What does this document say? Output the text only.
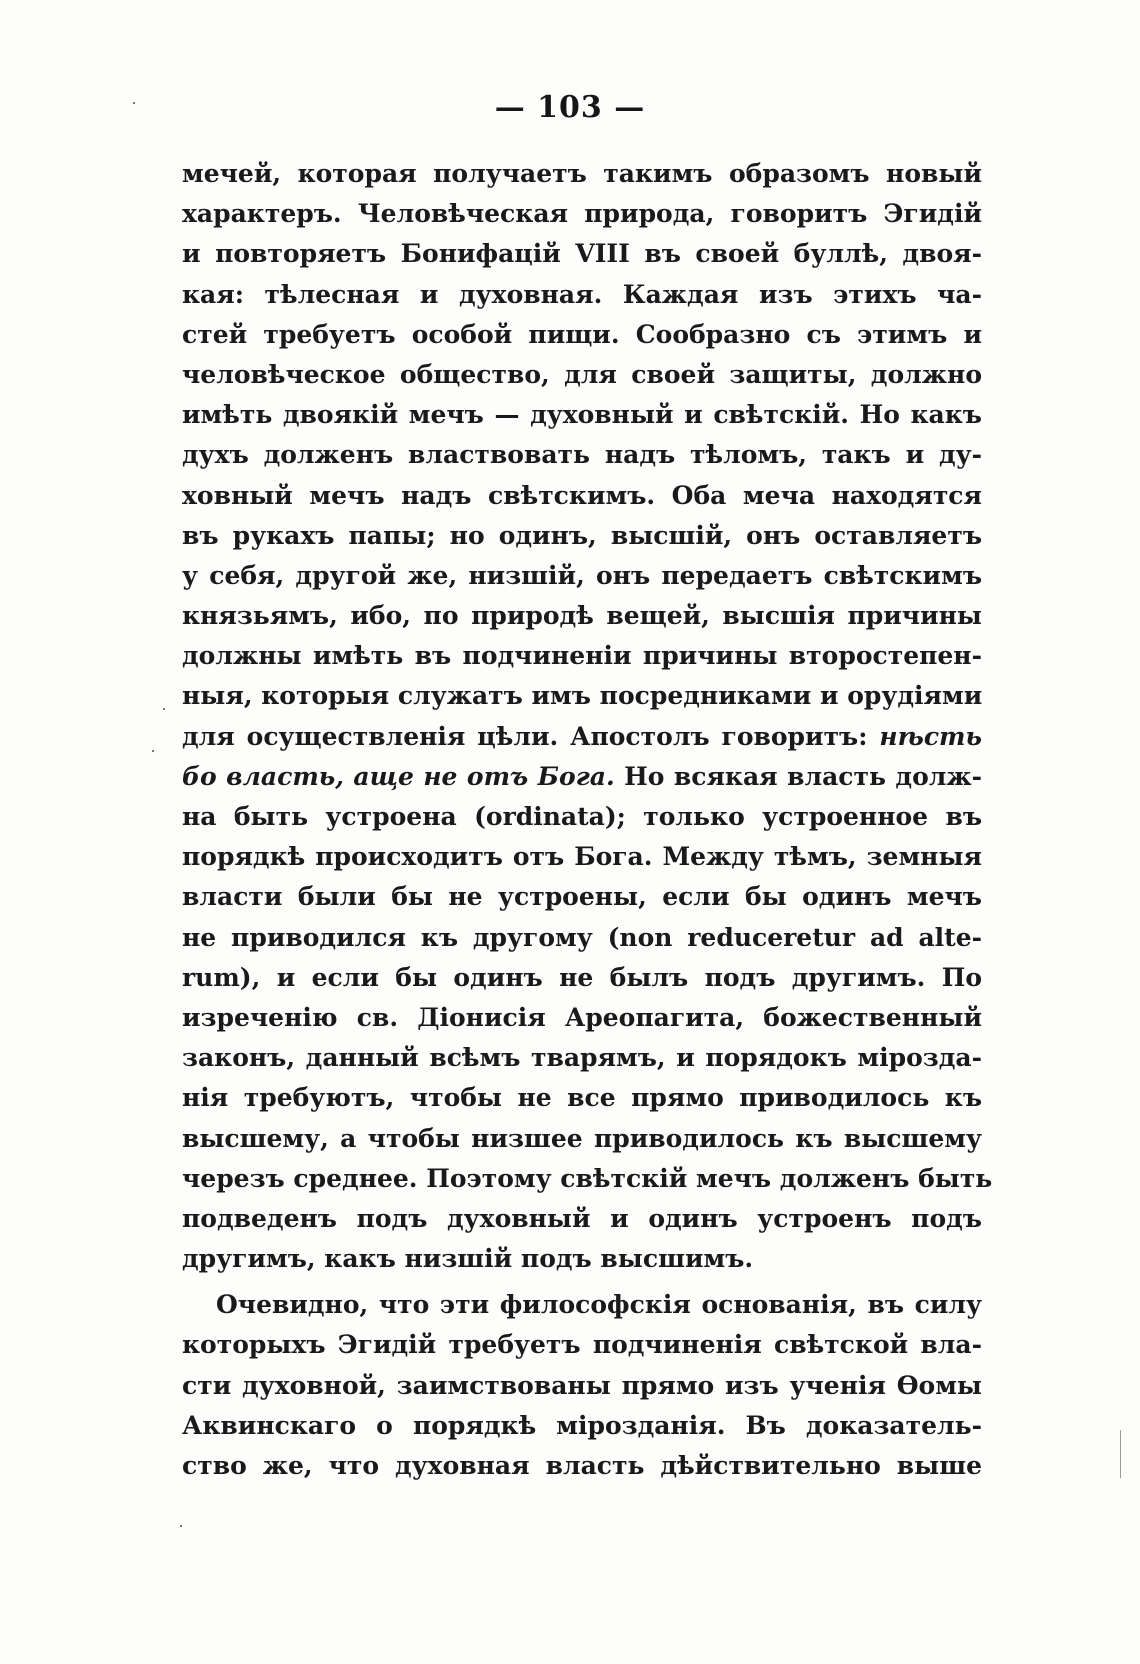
— 103 —
мечей, которая получаетъ такимъ образомъ новый
характеръ. Человѣческая природа, говоритъ Эгидій
и повторяетъ Бонифацій VIII въ своей буллѣ, двоя-
кая: тѣлесная и духовная. Каждая изъ этихъ ча-
стей требуетъ особой пищи. Сообразно съ этимъ и
человѣческое общество, для своей защиты, должно
имѣть двоякій мечъ — духовный и свѣтскій. Но какъ
духъ долженъ властвовать надъ тѣломъ, такъ и ду-
ховный мечъ надъ свѣтскимъ. Оба меча находятся
въ рукахъ папы; но одинъ, высшій, онъ оставляетъ
у себя, другой же, низшій, онъ передаетъ свѣтскимъ
князьямъ, ибо, по природѣ вещей, высшія причины
должны имѣть въ подчиненіи причины второстепен-
ныя, которыя служатъ имъ посредниками и орудіями
для осуществленія цѣли. Апостолъ говоритъ: нѣсть
бо власть, аще не отъ Бога. Но всякая власть долж-
на быть устроена (ordinata); только устроенное въ
порядкѣ происходитъ отъ Бога. Между тѣмъ, земныя
власти были бы не устроены, если бы одинъ мечъ
не приводился къ другому (non reduceretur ad alte-
rum), и если бы одинъ не былъ подъ другимъ. По
изреченію св. Діонисія Ареопагита, божественный
законъ, данный всѣмъ тварямъ, и порядокъ мірозда-
нія требуютъ, чтобы не все прямо приводилось къ
высшему, а чтобы низшее приводилось къ высшему
черезъ среднее. Поэтому свѣтскій мечъ долженъ быть
подведенъ подъ духовный и одинъ устроенъ подъ
другимъ, какъ низшій подъ высшимъ.
Очевидно, что эти философскія основанія, въ силу
которыхъ Эгидій требуетъ подчиненія свѣтской вла-
сти духовной, заимствованы прямо изъ ученія Ѳомы
Аквинскаго о порядкѣ мірозданія. Въ доказатель-
ство же, что духовная власть дѣйствительно выше
